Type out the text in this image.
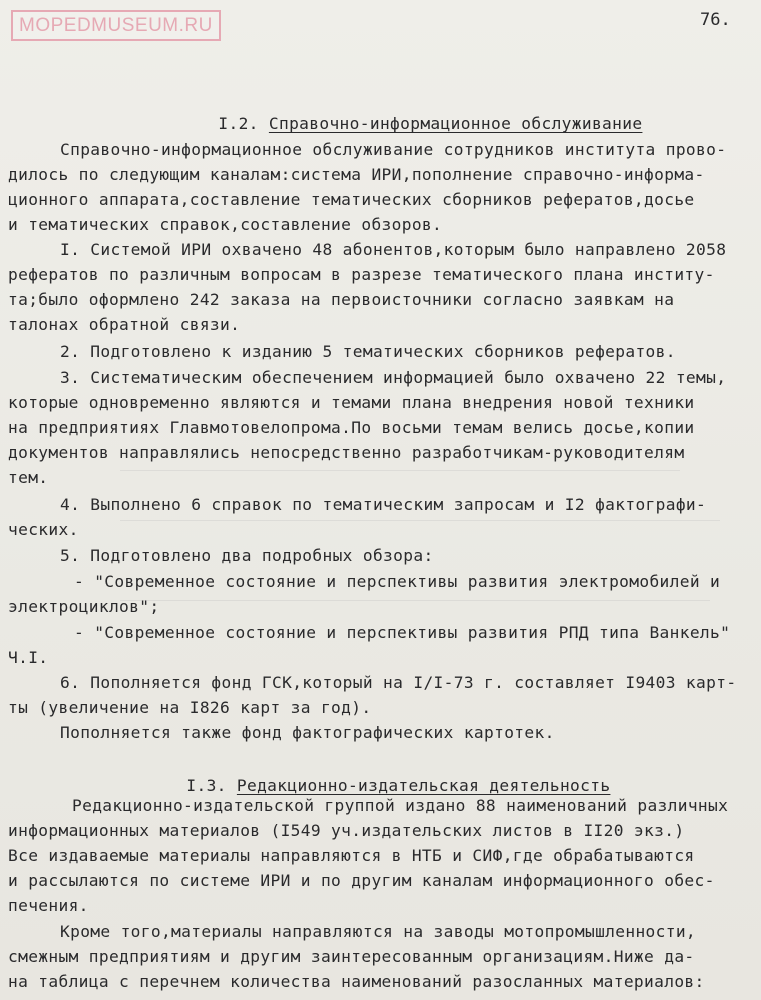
MOPEDMUSEUM.RU	76.

I.2. Справочно-информационное обслуживание

Справочно-информационное обслуживание сотрудников института прово-
дилось по следующим каналам:система ИРИ,пополнение справочно-информа-
ционного аппарата,составление тематических сборников рефератов,досье
и тематических справок,составление обзоров.
I. Системой ИРИ охвачено 48 абонентов,которым было направлено 2058
рефератов по различным вопросам в разрезе тематического плана институ-
та;было оформлено 242 заказа на первоисточники согласно заявкам на
талонах обратной связи.
2. Подготовлено к изданию 5 тематических сборников рефератов.
3. Систематическим обеспечением информацией было охвачено 22 темы,
которые одновременно являются и темами плана внедрения новой техники
на предприятиях Главмотовелопрома.По восьми темам велись досье,копии
документов направлялись непосредственно разработчикам-руководителям
тем.
4. Выполнено 6 справок по тематическим запросам и I2 фактографи-
ческих.
5. Подготовлено два подробных обзора:
- "Современное состояние и перспективы развития электромобилей и
электроциклов";
- "Современное состояние и перспективы развития РПД типа Ванкель"
Ч.I.
6. Пополняется фонд ГСК,который на I/I-73 г. составляет I9403 карт-
ты (увеличение на I826 карт за год).
Пополняется также фонд фактографических картотек.

I.3. Редакционно-издательская деятельность

Редакционно-издательской группой издано 88 наименований различных
информационных материалов (I549 уч.издательских листов в II20 экз.)
Все издаваемые материалы направляются в НТБ и СИФ,где обрабатываются
и рассылаются по системе ИРИ и по другим каналам информационного обес-
печения.
Кроме того,материалы направляются на заводы мотопромышленности,
смежным предприятиям и другим заинтересованным организациям.Ниже да-
на таблица с перечнем количества наименований разосланных материалов:
